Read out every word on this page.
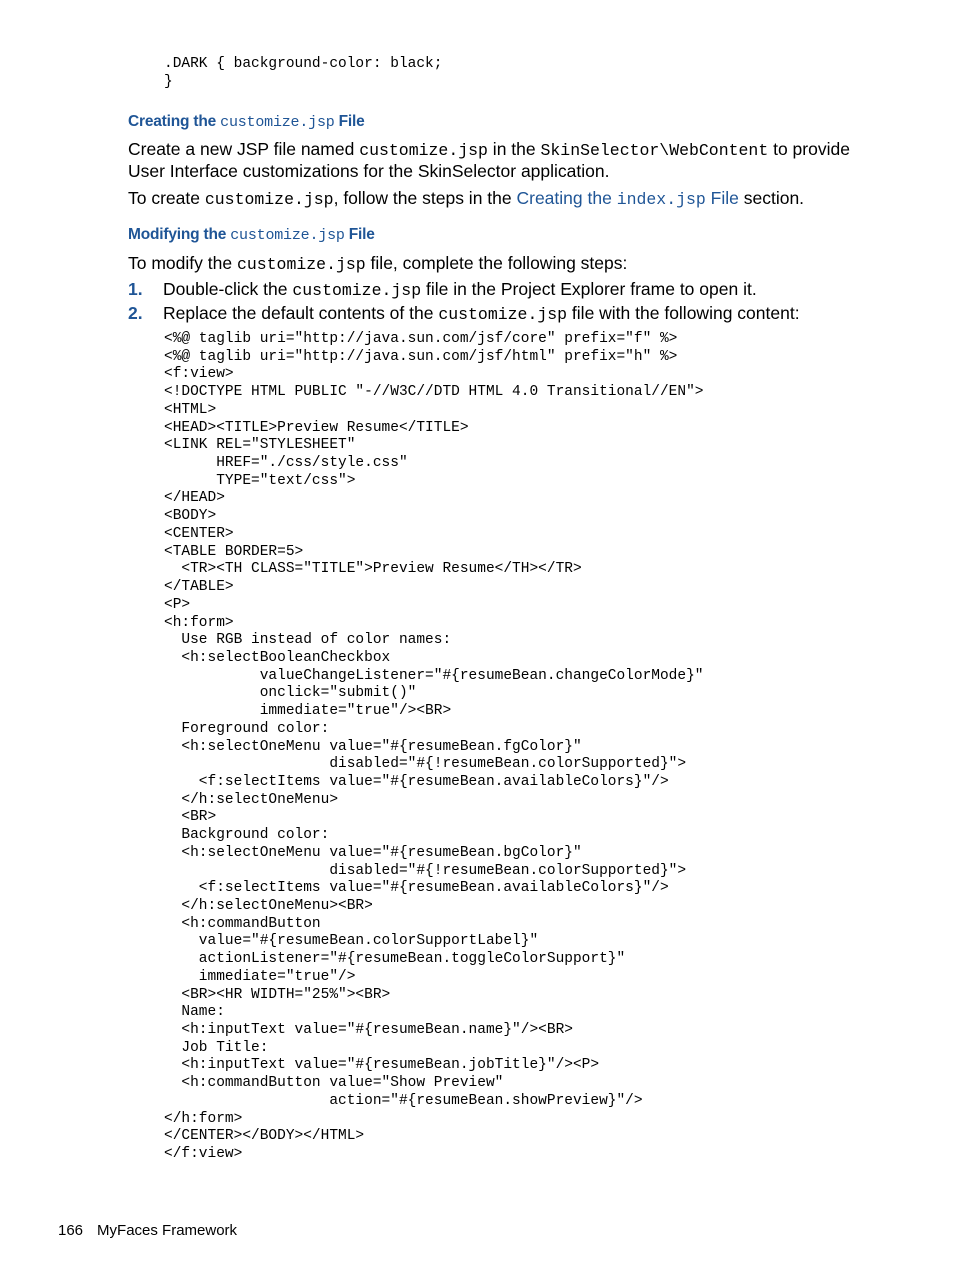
.DARK { background-color: black;
}
Creating the customize.jsp File
Create a new JSP file named customize.jsp in the SkinSelector\WebContent to provide User Interface customizations for the SkinSelector application.
To create customize.jsp, follow the steps in the Creating the index.jsp File section.
Modifying the customize.jsp File
To modify the customize.jsp file, complete the following steps:
1. Double-click the customize.jsp file in the Project Explorer frame to open it.
2. Replace the default contents of the customize.jsp file with the following content:
<%@ taglib uri="http://java.sun.com/jsf/core" prefix="f" %>
<%@ taglib uri="http://java.sun.com/jsf/html" prefix="h" %>
<f:view>
<!DOCTYPE HTML PUBLIC "-//W3C//DTD HTML 4.0 Transitional//EN">
<HTML>
<HEAD><TITLE>Preview Resume</TITLE>
<LINK REL="STYLESHEET"
HREF="./css/style.css"
TYPE="text/css">
</HEAD>
<BODY>
<CENTER>
<TABLE BORDER=5>
<TR><TH CLASS="TITLE">Preview Resume</TH></TR>
</TABLE>
<P>
<h:form>
Use RGB instead of color names:
<h:selectBooleanCheckbox
valueChangeListener="#{resumeBean.changeColorMode}"
onclick="submit()"
immediate="true"/><BR>
Foreground color:
<h:selectOneMenu value="#{resumeBean.fgColor}"
disabled="#{!resumeBean.colorSupported}">
<f:selectItems value="#{resumeBean.availableColors}"/>
</h:selectOneMenu>
<BR>
Background color:
<h:selectOneMenu value="#{resumeBean.bgColor}"
disabled="#{!resumeBean.colorSupported}">
<f:selectItems value="#{resumeBean.availableColors}"/>
</h:selectOneMenu><BR>
<h:commandButton
value="#{resumeBean.colorSupportLabel}"
actionListener="#{resumeBean.toggleColorSupport}"
immediate="true"/>
<BR><HR WIDTH="25%"><BR>
Name:
<h:inputText value="#{resumeBean.name}"/><BR>
Job Title:
<h:inputText value="#{resumeBean.jobTitle}"/><P>
<h:commandButton value="Show Preview"
action="#{resumeBean.showPreview}"/>
</h:form>
</CENTER></BODY></HTML>
</f:view>
166 MyFaces Framework
